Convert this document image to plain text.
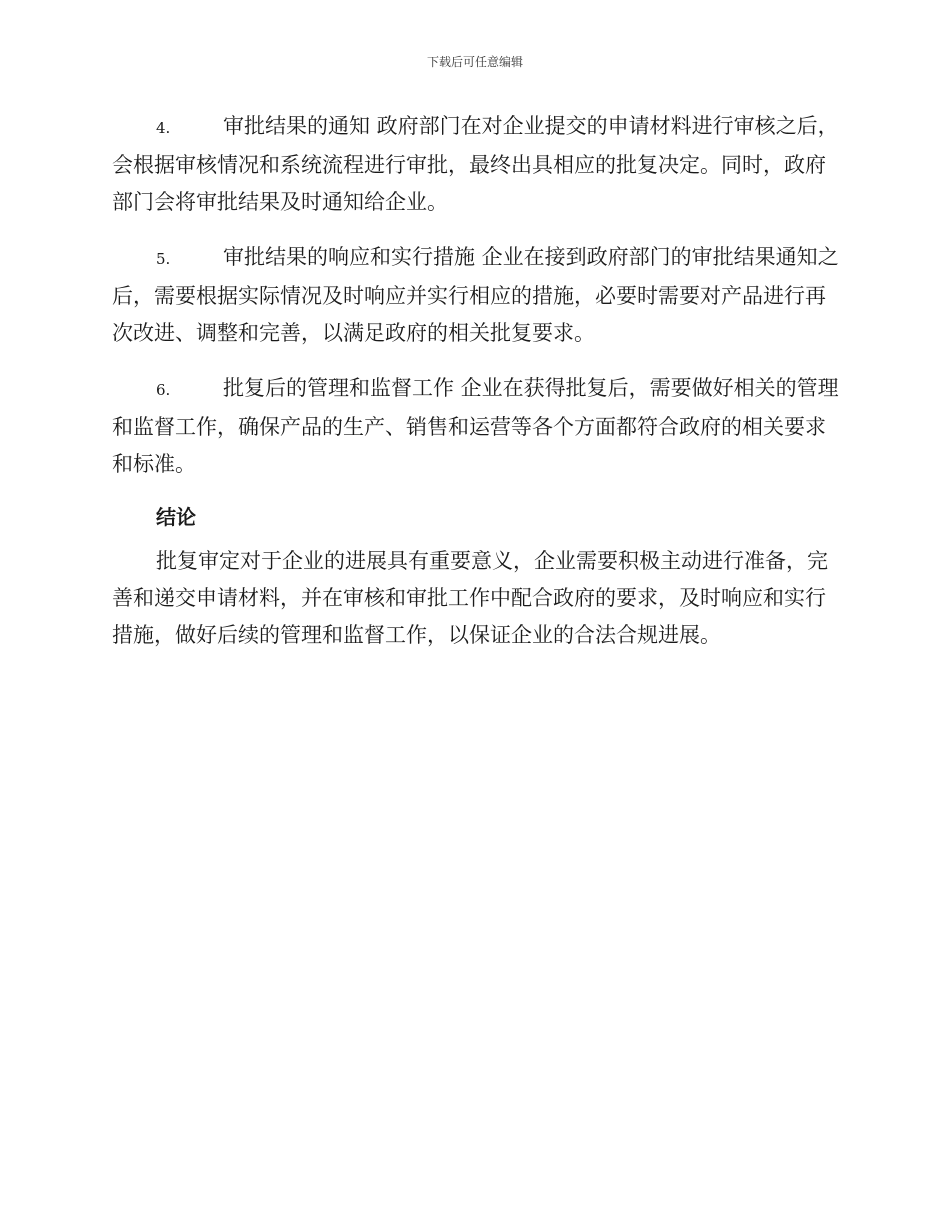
下载后可任意编辑

4.	审批结果的通知 政府部门在对企业提交的申请材料进行审核之后，会根据审核情况和系统流程进行审批，最终出具相应的批复决定。同时，政府部门会将审批结果及时通知给企业。

5.	审批结果的响应和实行措施 企业在接到政府部门的审批结果通知之后，需要根据实际情况及时响应并实行相应的措施，必要时需要对产品进行再次改进、调整和完善，以满足政府的相关批复要求。

6.	批复后的管理和监督工作 企业在获得批复后，需要做好相关的管理和监督工作，确保产品的生产、销售和运营等各个方面都符合政府的相关要求和标准。

结论

批复审定对于企业的进展具有重要意义，企业需要积极主动进行准备，完善和递交申请材料，并在审核和审批工作中配合政府的要求，及时响应和实行措施，做好后续的管理和监督工作，以保证企业的合法合规进展。
